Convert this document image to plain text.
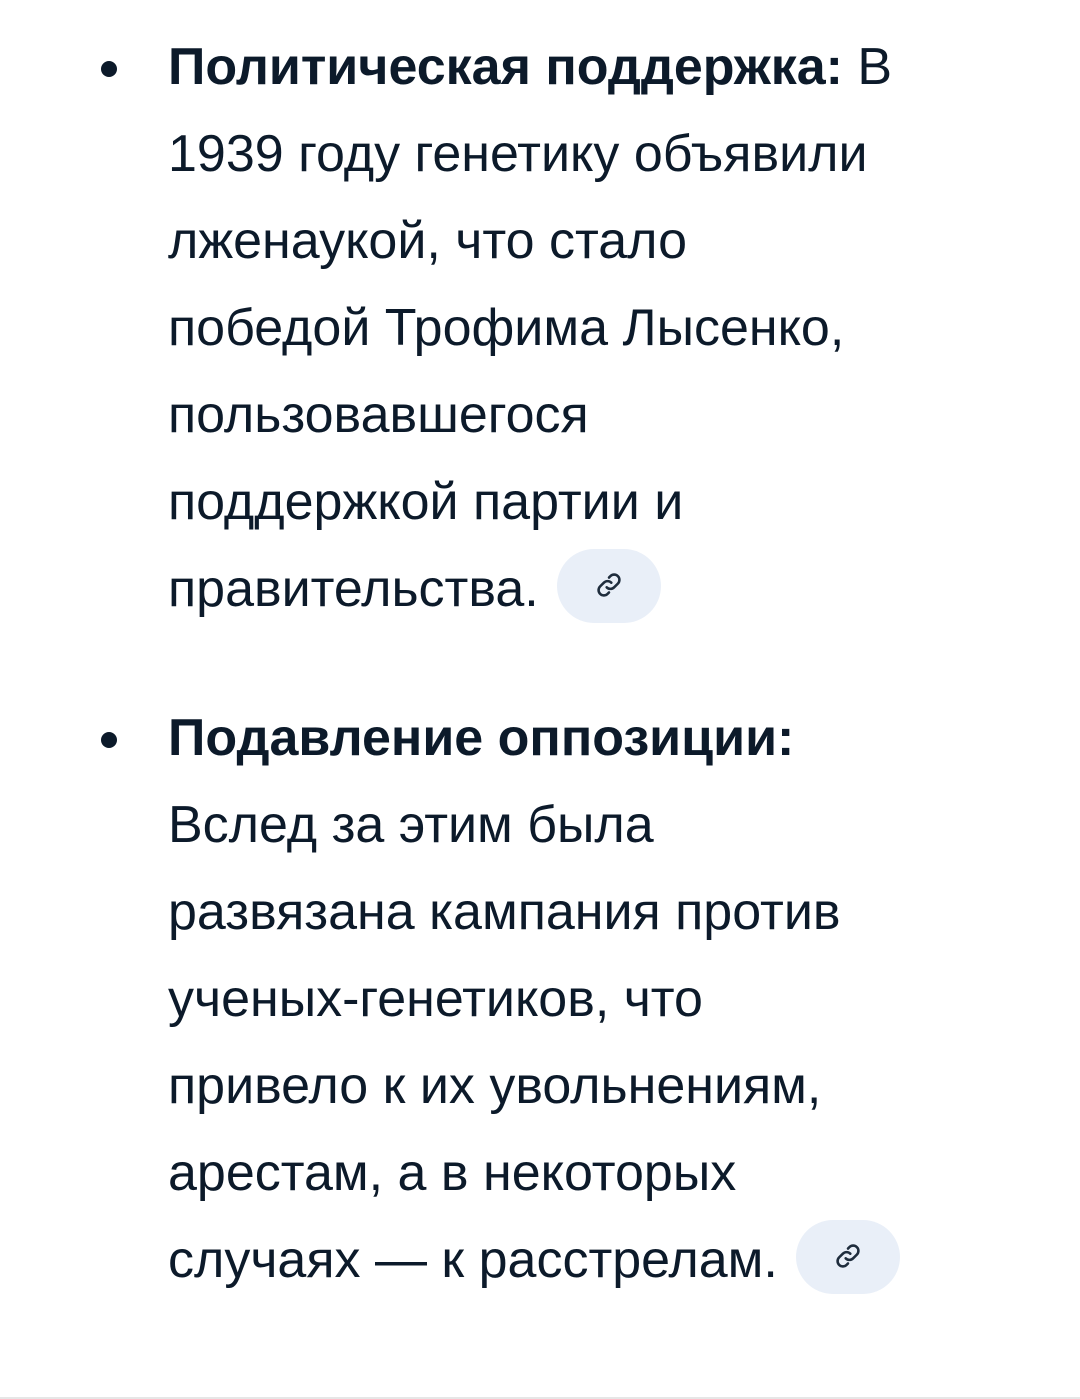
Политическая поддержка: В
1939 году генетику объявили
лженаукой, что стало
победой Трофима Лысенко,
пользовавшегося
поддержкой партии и
правительства.
Подавление оппозиции:
Вслед за этим была
развязана кампания против
ученых-генетиков, что
привело к их увольнениям,
арестам, а в некоторых
случаях — к расстрелам.
